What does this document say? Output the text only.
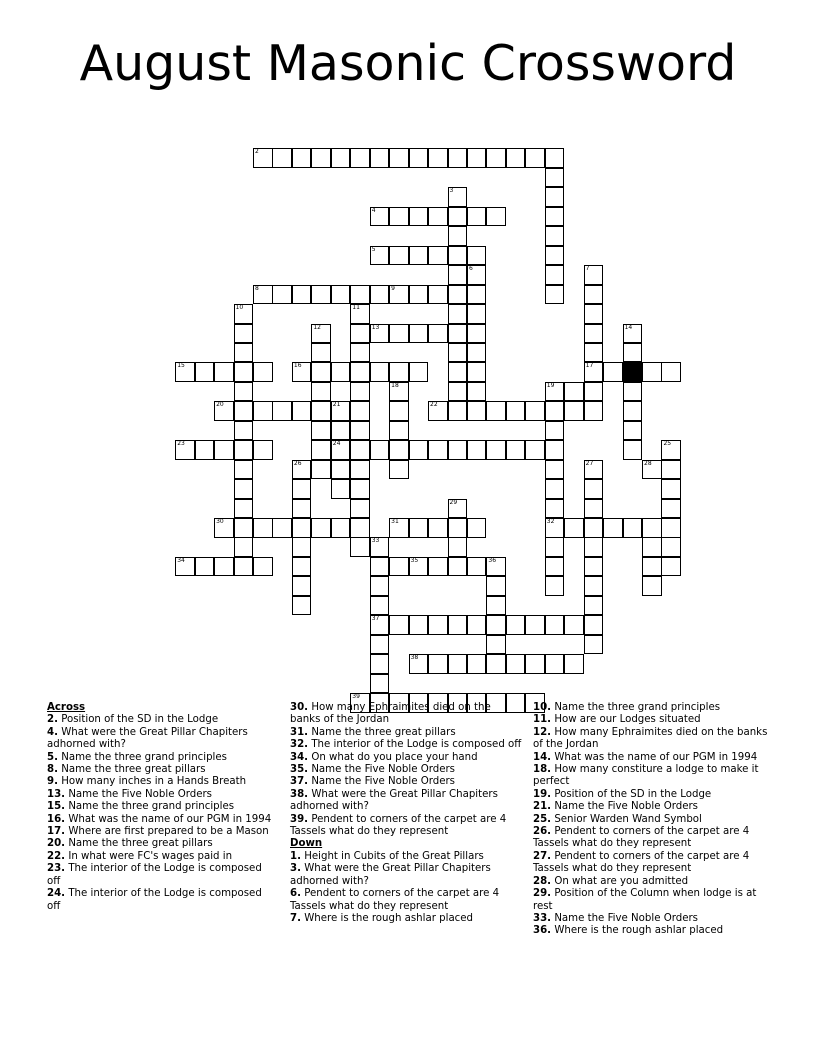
August Masonic Crossword
2
3
4
5
6	7
17
8	9
10	11
12	13	14
15	16
18	19
32
20	21	22
23	24	25
26	27	28
29
30	31
33
34	35	36
37
38
39
Across
2. Position of the SD in the Lodge
4. What were the Great Pillar Chapiters adhorned with?
5. Name the three grand principles
8. Name the three great pillars
9. How many inches in a Hands Breath
13. Name the Five Noble Orders
15. Name the three grand principles
16. What was the name of our PGM in 1994
17. Where are first prepared to be a Mason
20. Name the three great pillars
22. In what were FC's wages paid in
23. The interior of the Lodge is composed off
24. The interior of the Lodge is composed off
30. How many Ephraimites died on the banks of the Jordan
31. Name the three great pillars
32. The interior of the Lodge is composed off
34. On what do you place your hand
35. Name the Five Noble Orders
37. Name the Five Noble Orders
38. What were the Great Pillar Chapiters adhorned with?
39. Pendent to corners of the carpet are 4 Tassels what do they represent
Down
1. Height in Cubits of the Great Pillars
3. What were the Great Pillar Chapiters adhorned with?
6. Pendent to corners of the carpet are 4 Tassels what do they represent
7. Where is the rough ashlar placed
10. Name the three grand principles
11. How are our Lodges situated
12. How many Ephraimites died on the banks of the Jordan
14. What was the name of our PGM in 1994
18. How many constiture a lodge to make it perfect
19. Position of the SD in the Lodge
21. Name the Five Noble Orders
25. Senior Warden Wand Symbol
26. Pendent to corners of the carpet are 4 Tassels what do they represent
27. Pendent to corners of the carpet are 4 Tassels what do they represent
28. On what are you admitted
29. Position of the Column when lodge is at rest
33. Name the Five Noble Orders
36. Where is the rough ashlar placed
